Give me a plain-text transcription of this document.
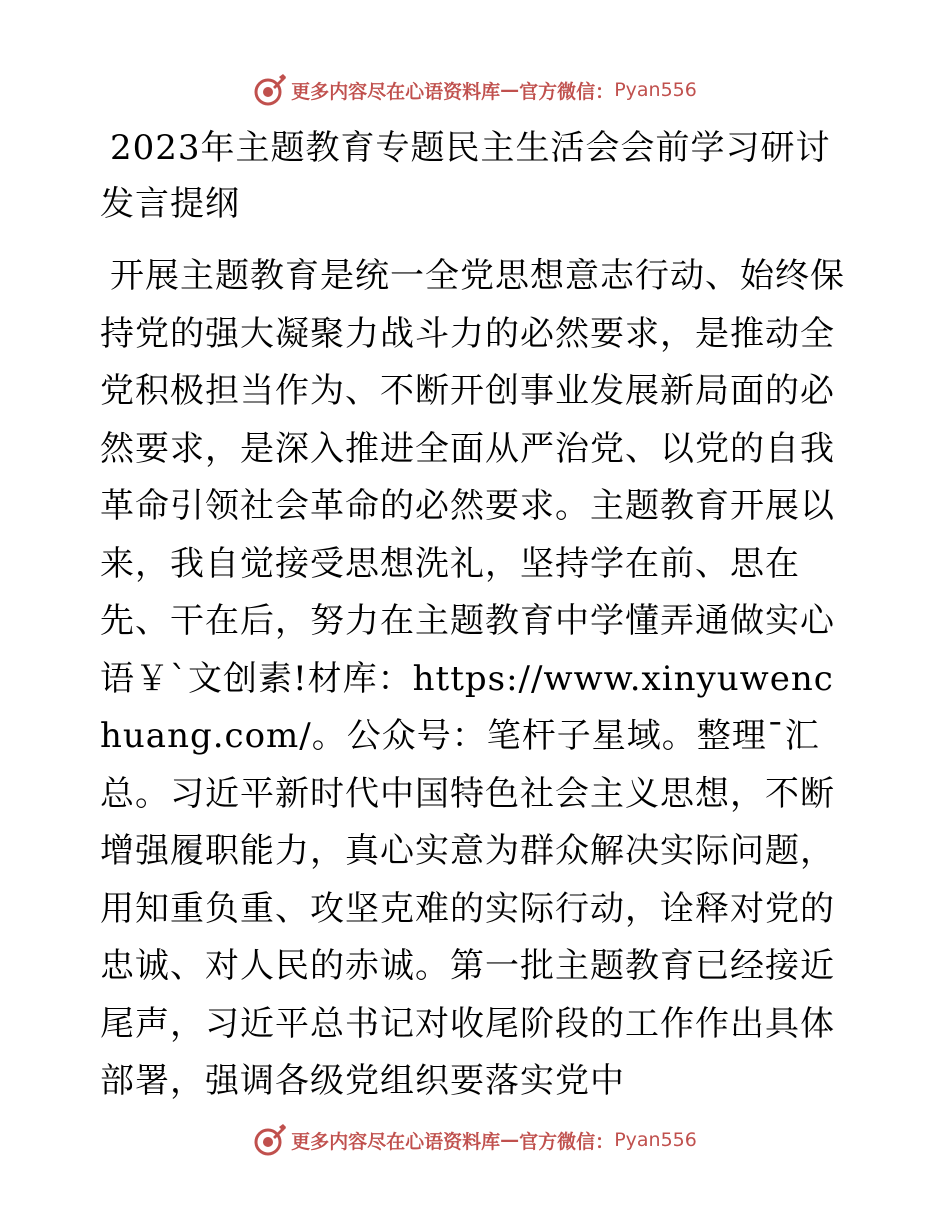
更多内容尽在心语资料库 — 官方微信： Pyan556
2023年主题教育专题民主生活会会前学习研讨发言提纲

开展主题教育是统一全党思想意志行动、始终保持党的强大凝聚力战斗力的必然要求，是推动全党积极担当作为、不断开创事业发展新局面的必然要求，是深入推进全面从严治党、以党的自我革命引领社会革命的必然要求。主题教育开展以来，我自觉接受思想洗礼，坚持学在前、思在先、干在后，努力在主题教育中学懂弄通做实心语￥`文创素!材库：https://www.xinyuwenchuang.com/。公众号：笔杆子星域。整理¯汇总。习近平新时代中国特色社会主义思想，不断增强履职能力，真心实意为群众解决实际问题，用知重负重、攻坚克难的实际行动，诠释对党的忠诚、对人民的赤诚。第一批主题教育已经接近尾声，习近平总书记对收尾阶段的工作作出具体部署，强调各级党组织要落实党中

更多内容尽在心语资料库 — 官方微信： Pyan556
